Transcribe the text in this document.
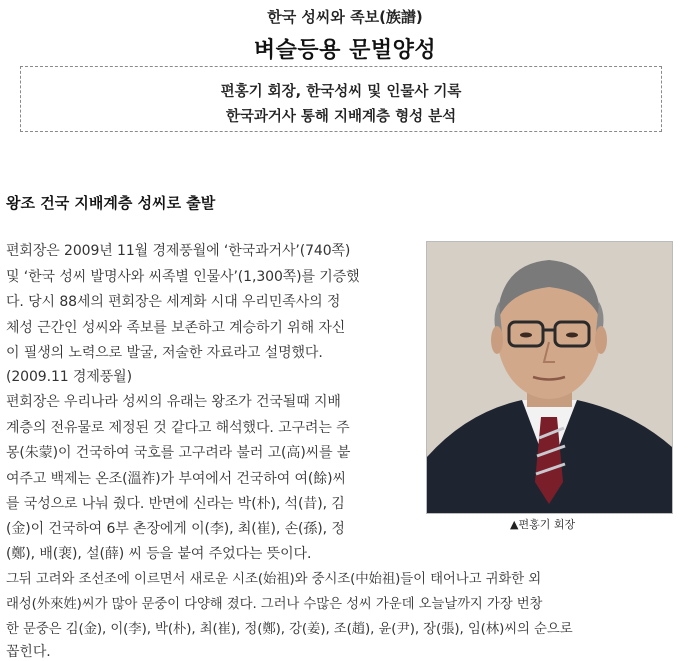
한국 성씨와 족보(族譜)
벼슬등용 문벌양성
편홍기 회장, 한국성씨 및 인물사 기록
한국과거사 통해 지배계층 형성 분석
왕조 건국 지배계층 성씨로 출발
편회장은 2009년 11월 경제풍월에 ‘한국과거사’(740쪽)
및 ‘한국 성씨 발명사와 씨족별 인물사’(1,300쪽)를 기증했
다. 당시 88세의 편회장은 세계화 시대 우리민족사의 정
체성 근간인 성씨와 족보를 보존하고 계승하기 위해 자신
이 필생의 노력으로 발굴, 저술한 자료라고 설명했다.
(2009.11 경제풍월)
편회장은 우리나라 성씨의 유래는 왕조가 건국될때 지배
계층의 전유물로 제정된 것 같다고 해석했다. 고구려는 주
몽(朱蒙)이 건국하여 국호를 고구려라 불러 고(高)씨를 붙
여주고 백제는 온조(溫祚)가 부여에서 건국하여 여(餘)씨
를 국성으로 나눠 줬다. 반면에 신라는 박(朴), 석(昔), 김
(金)이 건국하여 6부 촌장에게 이(李), 최(崔), 손(孫), 정
(鄭), 배(裵), 설(薛) 씨 등을 붙여 주었다는 뜻이다.
그뒤 고려와 조선조에 이르면서 새로운 시조(始祖)와 중시조(中始祖)들이 태어나고 귀화한 외
래성(外來姓)씨가 많아 문중이 다양해 졌다. 그러나 수많은 성씨 가운데 오늘날까지 가장 번창
한 문중은 김(金), 이(李), 박(朴), 최(崔), 정(鄭), 강(姜), 조(趙), 윤(尹), 장(張), 임(林)씨의 순으로
꼽힌다.
▲편홍기 회장
